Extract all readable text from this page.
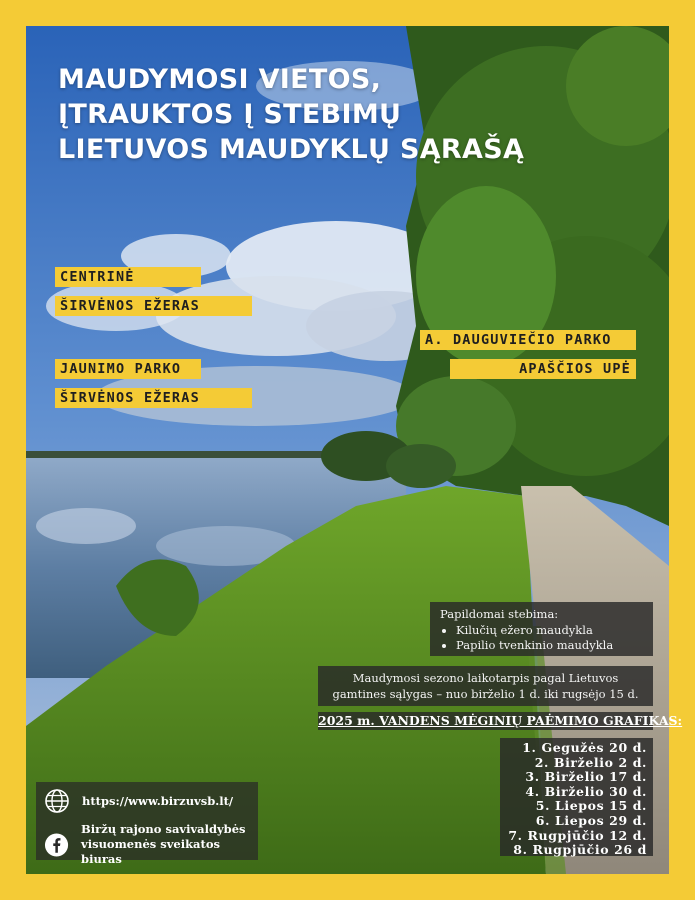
MAUDYMOSI VIETOS,
ĮTRAUKTOS Į STEBIMŲ
LIETUVOS MAUDYKLŲ SĄRAŠĄ
CENTRINĖ
ŠIRVĖNOS EŽERAS
JAUNIMO PARKO
ŠIRVĖNOS EŽERAS
A. DAUGUVIEČIO PARKO
APAŠČIOS UPĖ
Papildomai stebima:
• Kilučių ežero maudykla
• Papilio tvenkinio maudykla
Maudymosi sezono laikotarpis pagal Lietuvos
gamtines sąlygas – nuo birželio 1 d. iki rugsėjo 15 d.
2025 m. VANDENS MĖGINIŲ PAĖMIMO GRAFIKAS:
1. Gegužės 20 d.
2. Birželio 2 d.
3. Birželio 17 d.
4. Birželio 30 d.
5. Liepos 15 d.
6. Liepos 29 d.
7. Rugpjūčio 12 d.
8. Rugpjūčio 26 d
https://www.birzuvsb.lt/
Biržų rajono savivaldybės
visuomenės sveikatos biuras
